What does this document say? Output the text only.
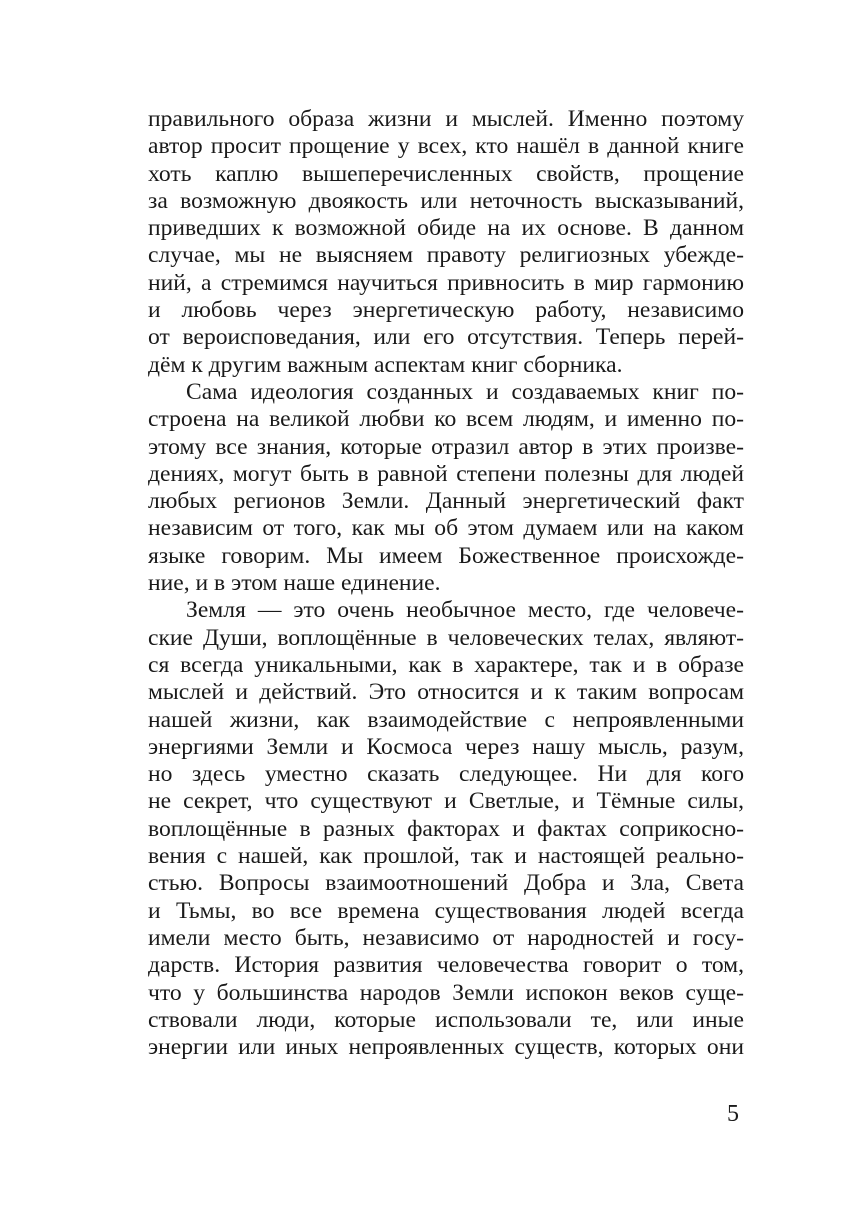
правильного образа жизни и мыслей. Именно поэтому
автор просит прощение у всех, кто нашёл в данной книге
хоть каплю вышеперечисленных свойств, прощение
за возможную двоякость или неточность высказываний,
приведших к возможной обиде на их основе. В данном
случае, мы не выясняем правоту религиозных убежде-
ний, а стремимся научиться привносить в мир гармонию
и любовь через энергетическую работу, независимо
от вероисповедания, или его отсутствия. Теперь перей-
дём к другим важным аспектам книг сборника.
Сама идеология созданных и создаваемых книг по-
строена на великой любви ко всем людям, и именно по-
этому все знания, которые отразил автор в этих произве-
дениях, могут быть в равной степени полезны для людей
любых регионов Земли. Данный энергетический факт
независим от того, как мы об этом думаем или на каком
языке говорим. Мы имеем Божественное происхожде-
ние, и в этом наше единение.
Земля — это очень необычное место, где человече-
ские Души, воплощённые в человеческих телах, являют-
ся всегда уникальными, как в характере, так и в образе
мыслей и действий. Это относится и к таким вопросам
нашей жизни, как взаимодействие с непроявленными
энергиями Земли и Космоса через нашу мысль, разум,
но здесь уместно сказать следующее. Ни для кого
не секрет, что существуют и Светлые, и Тёмные силы,
воплощённые в разных факторах и фактах соприкосно-
вения с нашей, как прошлой, так и настоящей реально-
стью. Вопросы взаимоотношений Добра и Зла, Света
и Тьмы, во все времена существования людей всегда
имели место быть, независимо от народностей и госу-
дарств. История развития человечества говорит о том,
что у большинства народов Земли испокон веков суще-
ствовали люди, которые использовали те, или иные
энергии или иных непроявленных существ, которых они
5
